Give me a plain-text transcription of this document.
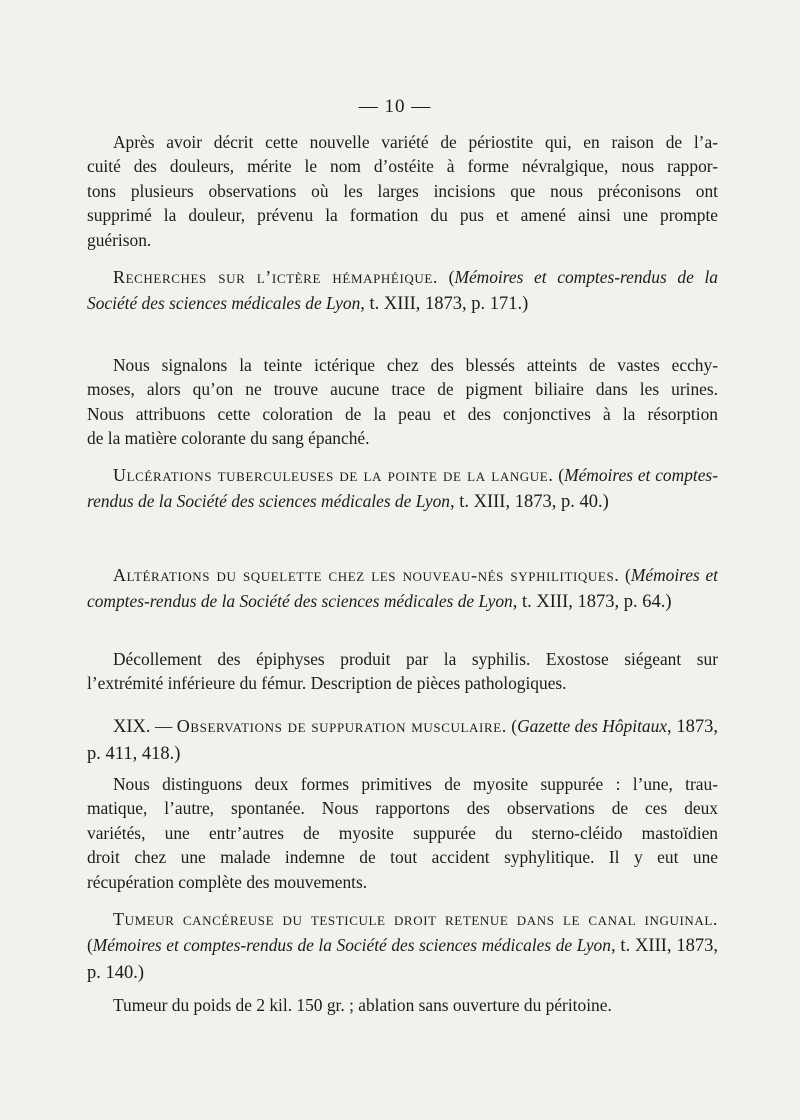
— 10 —
Après avoir décrit cette nouvelle variété de périostite qui, en raison de l’a-
cuité des douleurs, mérite le nom d’ostéite à forme névralgique, nous rappor-
tons plusieurs observations où les larges incisions que nous préconisons ont
supprimé la douleur, prévenu la formation du pus et amené ainsi une prompte
guérison.
Recherches sur l’ictère hémaphéique. (Mémoires et comptes-rendus de la Société des sciences médicales de Lyon, t. XIII, 1873, p. 171.)
Nous signalons la teinte ictérique chez des blessés atteints de vastes ecchy-
moses, alors qu’on ne trouve aucune trace de pigment biliaire dans les urines.
Nous attribuons cette coloration de la peau et des conjonctives à la résorption
de la matière colorante du sang épanché.
Ulcérations tuberculeuses de la pointe de la langue. (Mémoires et comptes-rendus de la Société des sciences médicales de Lyon, t. XIII, 1873, p. 40.)
Altérations du squelette chez les nouveau-nés syphilitiques. (Mémoires et comptes-rendus de la Société des sciences médicales de Lyon, t. XIII, 1873, p. 64.)
Décollement des épiphyses produit par la syphilis. Exostose siégeant sur
l’extrémité inférieure du fémur. Description de pièces pathologiques.
XIX. — Observations de suppuration musculaire. (Gazette des Hôpitaux, 1873, p. 411, 418.)
Nous distinguons deux formes primitives de myosite suppurée : l’une, trau-
matique, l’autre, spontanée. Nous rapportons des observations de ces deux
variétés, une entr’autres de myosite suppurée du sterno-cléido mastoïdien
droit chez une malade indemne de tout accident syphylitique. Il y eut une
récupération complète des mouvements.
Tumeur cancéreuse du testicule droit retenue dans le canal inguinal. (Mémoires et comptes-rendus de la Société des sciences médicales de Lyon, t. XIII, 1873, p. 140.)
Tumeur du poids de 2 kil. 150 gr. ; ablation sans ouverture du péritoine.
